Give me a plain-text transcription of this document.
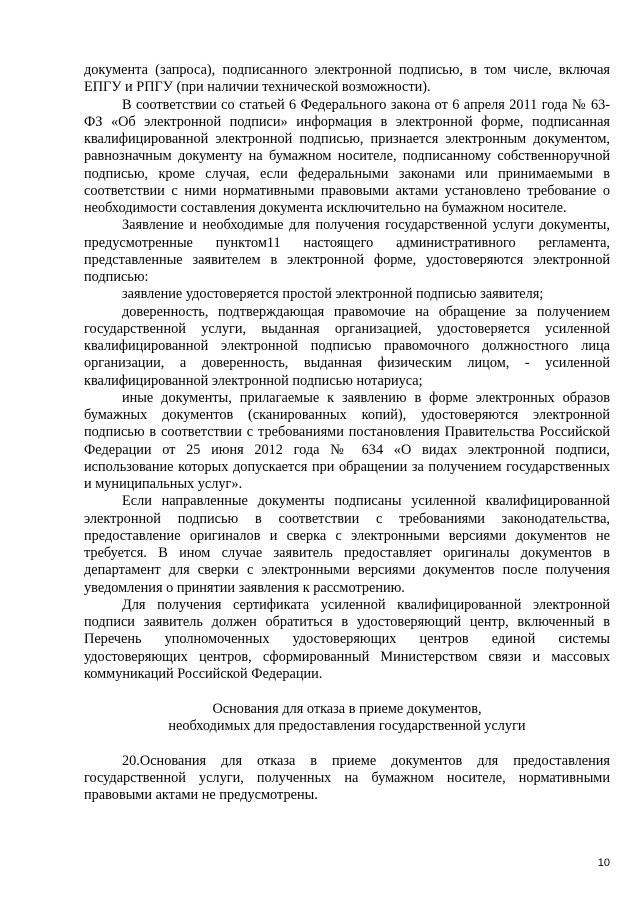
документа (запроса), подписанного электронной подписью, в том числе, включая ЕПГУ и РПГУ (при наличии технической возможности).

В соответствии со статьей 6 Федерального закона от 6 апреля 2011 года № 63-ФЗ «Об электронной подписи» информация в электронной форме, подписанная квалифицированной электронной подписью, признается электронным документом, равнозначным документу на бумажном носителе, подписанному собственноручной подписью, кроме случая, если федеральными законами или принимаемыми в соответствии с ними нормативными правовыми актами установлено требование о необходимости составления документа исключительно на бумажном носителе.

Заявление и необходимые для получения государственной услуги документы, предусмотренные пунктом11 настоящего административного регламента, представленные заявителем в электронной форме, удостоверяются электронной подписью:

заявление удостоверяется простой электронной подписью заявителя;

доверенность, подтверждающая правомочие на обращение за получением государственной услуги, выданная организацией, удостоверяется усиленной квалифицированной электронной подписью правомочного должностного лица организации, а доверенность, выданная физическим лицом, - усиленной квалифицированной электронной подписью нотариуса;

иные документы, прилагаемые к заявлению в форме электронных образов бумажных документов (сканированных копий), удостоверяются электронной подписью в соответствии с требованиями постановления Правительства Российской Федерации от 25 июня 2012 года № 634 «О видах электронной подписи, использование которых допускается при обращении за получением государственных и муниципальных услуг».

Если направленные документы подписаны усиленной квалифицированной электронной подписью в соответствии с требованиями законодательства, предоставление оригиналов и сверка с электронными версиями документов не требуется. В ином случае заявитель предоставляет оригиналы документов в департамент для сверки с электронными версиями документов после получения уведомления о принятии заявления к рассмотрению.

Для получения сертификата усиленной квалифицированной электронной подписи заявитель должен обратиться в удостоверяющий центр, включенный в Перечень уполномоченных удостоверяющих центров единой системы удостоверяющих центров, сформированный Министерством связи и массовых коммуникаций Российской Федерации.

Основания для отказа в приеме документов,
необходимых для предоставления государственной услуги

20.Основания для отказа в приеме документов для предоставления государственной услуги, полученных на бумажном носителе, нормативными правовыми актами не предусмотрены.

10
